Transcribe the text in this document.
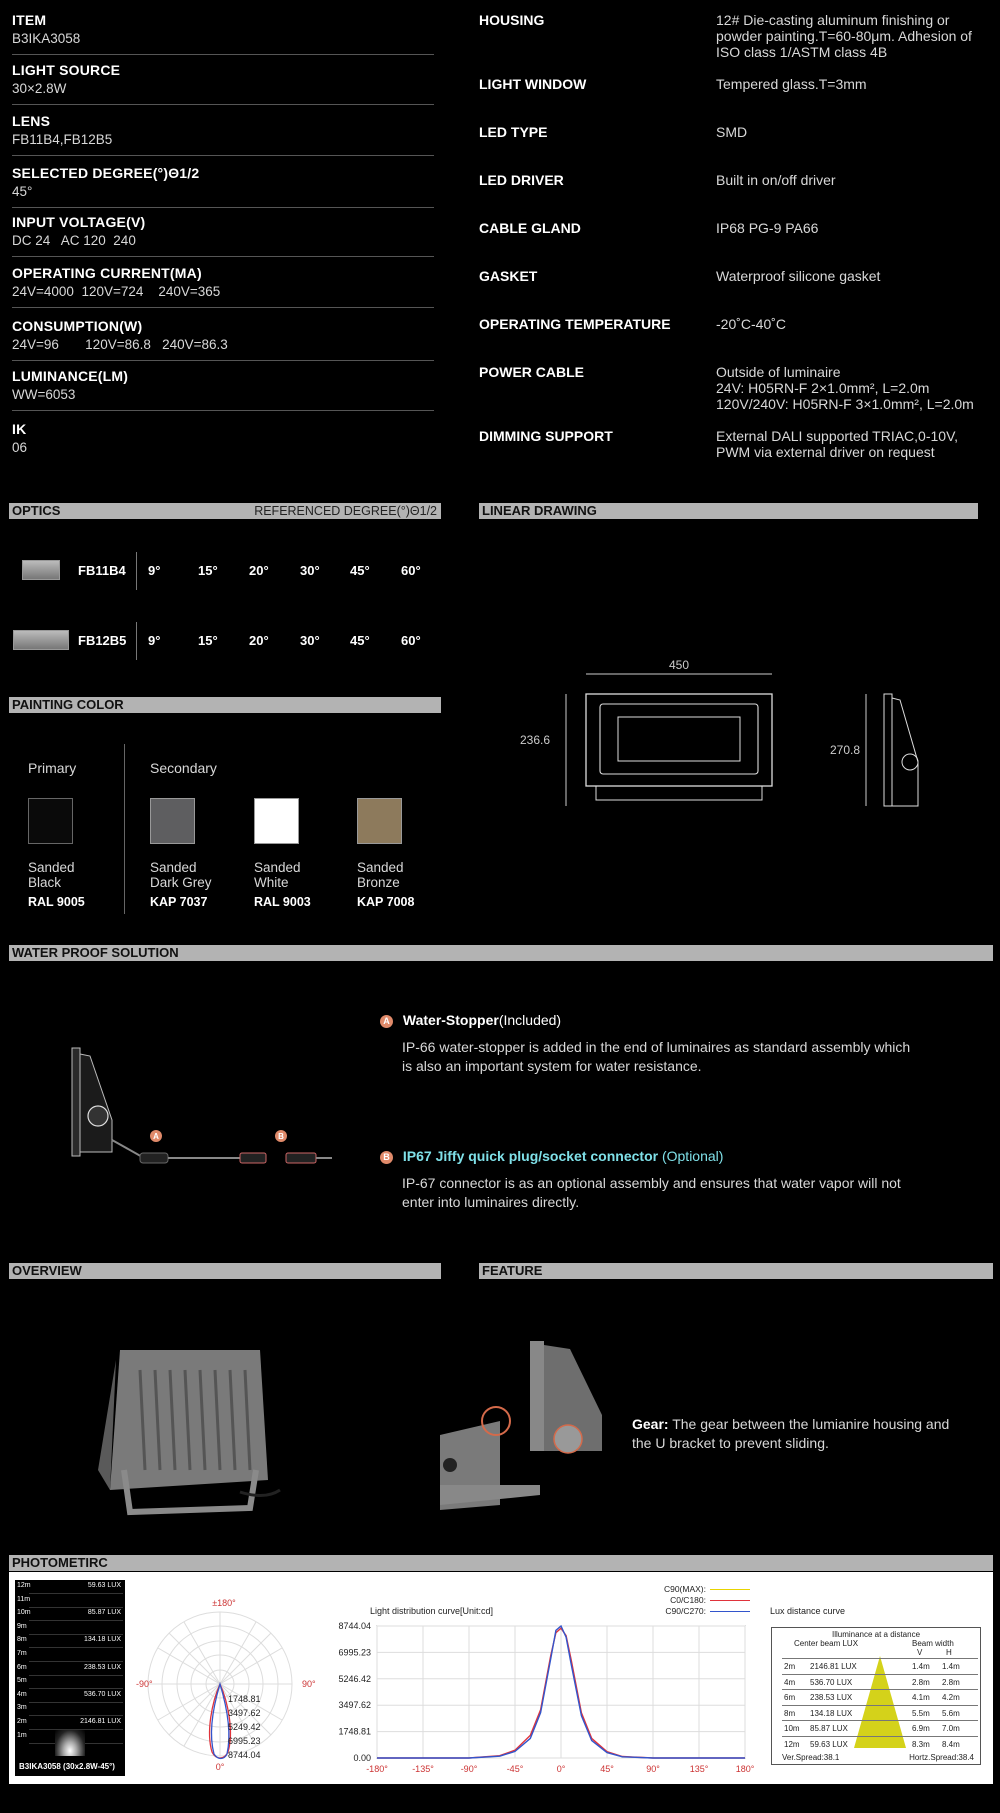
ITEM
B3IKA3058
LIGHT SOURCE
30×2.8W
LENS
FB11B4,FB12B5
SELECTED DEGREE(°)Θ1/2
45°
INPUT VOLTAGE(V)
DC 24   AC 120  240
OPERATING CURRENT(MA)
24V=4000  120V=724    240V=365
CONSUMPTION(W)
24V=96       120V=86.8   240V=86.3
LUMINANCE(LM)
WW=6053
IK
06
HOUSING	12# Die-casting aluminum finishing or powder painting.T=60-80μm. Adhesion of ISO class 1/ASTM class 4B
LIGHT WINDOW	Tempered glass.T=3mm
LED TYPE	SMD
LED DRIVER	Built in on/off driver
CABLE GLAND	IP68 PG-9 PA66
GASKET	Waterproof silicone gasket
OPERATING TEMPERATURE	-20˚C-40˚C
POWER CABLE	Outside of luminaire
24V: H05RN-F 2×1.0mm², L=2.0m
120V/240V: H05RN-F 3×1.0mm², L=2.0m
DIMMING SUPPORT	External DALI supported TRIAC,0-10V, PWM via external driver on request
OPTICS	REFERENCED DEGREE(°)Θ1/2
FB11B4 9°	15° 20° 30° 45° 60°
FB12B5 9°	15° 20° 30° 45° 60°
LINEAR DRAWING
450
236.6
270.8
PAINTING COLOR
Primary	Secondary
Sanded
Black
RAL 9005
Sanded
Dark Grey
KAP 7037
Sanded
White
RAL 9003
Sanded
Bronze
KAP 7008
WATER PROOF SOLUTION
A	B
A Water-Stopper(Included)
IP-66 water-stopper is added in the end of luminaires as standard assembly which is also an important system for water resistance.
B IP67 Jiffy quick plug/socket connector (Optional)
IP-67 connector is as an optional assembly and ensures that water vapor will not enter into luminaires directly.
OVERVIEW	FEATURE
Gear: The gear between the lumianire housing and the U bracket to prevent sliding.
PHOTOMETIRC
12m	59.63 LUX
11m
10m	85.87 LUX
9m
8m	134.18 LUX
7m
6m	238.53 LUX
5m
4m	536.70 LUX
3m
2m	2146.81 LUX
1m
B3IKA3058 (30x2.8W-45°)
±180°
-90°	90°
0°
1748.81
3497.62
5249.42
6995.23
8744.04
Light distribution curve[Unit:cd]
C90(MAX):
C0/C180:
C90/C270:
8744.04
6995.23
5246.42
3497.62
1748.81
0.00
-180°	-135°	-90°	-45°	0°	45°	90°	135°	180°
Lux distance curve
Illuminance at a distance
Center beam LUX	Beam width
V	H
2m 2146.81 LUX	1.4m 1.4m
4m 536.70 LUX	2.8m 2.8m
6m 238.53 LUX	4.1m 4.2m
8m 134.18 LUX	5.5m 5.6m
10m 85.87 LUX	6.9m 7.0m
12m 59.63 LUX	8.3m 8.4m
Ver.Spread:38.1	Hortz.Spread:38.4
